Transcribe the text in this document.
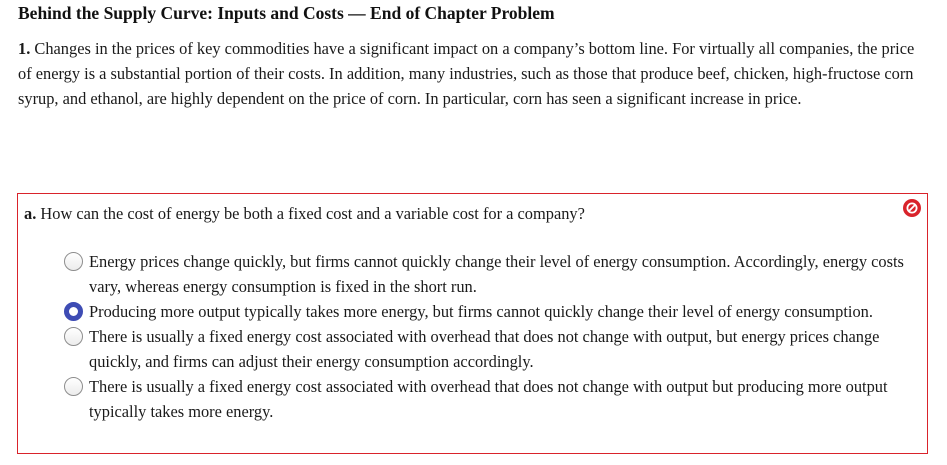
Behind the Supply Curve: Inputs and Costs — End of Chapter Problem
1. Changes in the prices of key commodities have a significant impact on a company’s bottom line. For virtually all companies, the price of energy is a substantial portion of their costs. In addition, many industries, such as those that produce beef, chicken, high-fructose corn syrup, and ethanol, are highly dependent on the price of corn. In particular, corn has seen a significant increase in price.
a. How can the cost of energy be both a fixed cost and a variable cost for a company?
Energy prices change quickly, but firms cannot quickly change their level of energy consumption. Accordingly, energy costs vary, whereas energy consumption is fixed in the short run.
Producing more output typically takes more energy, but firms cannot quickly change their level of energy consumption.
There is usually a fixed energy cost associated with overhead that does not change with output, but energy prices change quickly, and firms can adjust their energy consumption accordingly.
There is usually a fixed energy cost associated with overhead that does not change with output but producing more output typically takes more energy.
